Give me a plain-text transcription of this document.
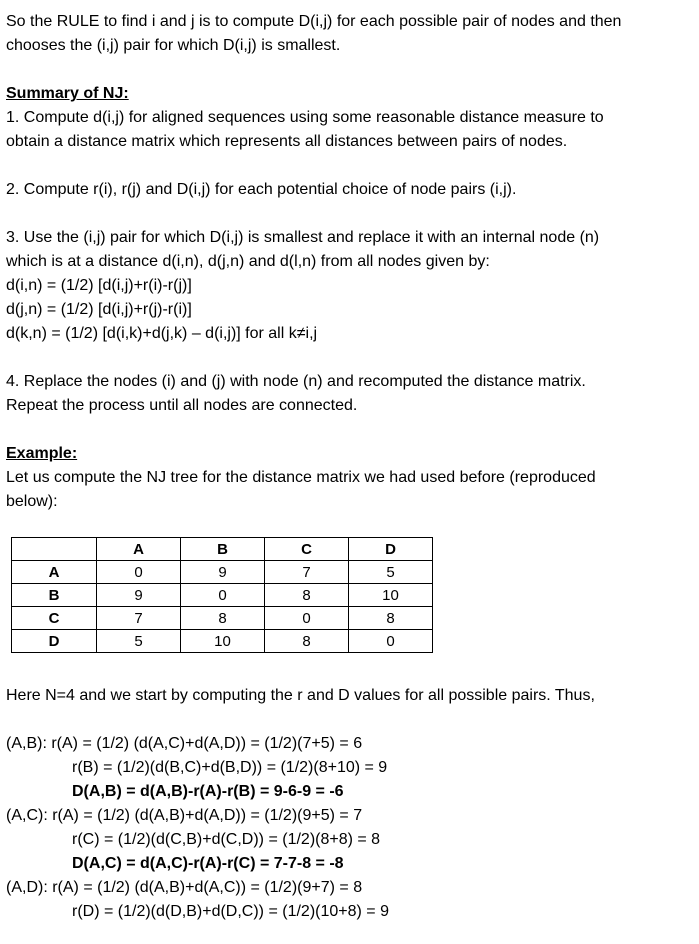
So the RULE to find i and j is to compute D(i,j) for each possible pair of nodes and then
chooses the (i,j) pair for which D(i,j) is smallest.
Summary of NJ:
1. Compute d(i,j) for aligned sequences using some reasonable distance measure to
obtain a distance matrix which represents all distances between pairs of nodes.
2. Compute r(i), r(j) and D(i,j) for each potential choice of node pairs (i,j).
3. Use the (i,j) pair for which D(i,j) is smallest and replace it with an internal node (n)
which is at a distance d(i,n), d(j,n) and d(l,n) from all nodes given by:
d(i,n) = (1/2) [d(i,j)+r(i)-r(j)]
d(j,n) = (1/2) [d(i,j)+r(j)-r(i)]
d(k,n) = (1/2) [d(i,k)+d(j,k) – d(i,j)] for all k≠i,j
4. Replace the nodes (i) and (j) with node (n) and recomputed the distance matrix.
Repeat the process until all nodes are connected.
Example:
Let us compute the NJ tree for the distance matrix we had used before (reproduced
below):
	A	B	C	D
A	0	9	7	5
B	9	0	8	10
C	7	8	0	8
D	5	10	8	0
Here N=4 and we start by computing the r and D values for all possible pairs. Thus,
(A,B): r(A) = (1/2) (d(A,C)+d(A,D)) = (1/2)(7+5) = 6
r(B) = (1/2)(d(B,C)+d(B,D)) = (1/2)(8+10) = 9
D(A,B) = d(A,B)-r(A)-r(B) = 9-6-9 = -6
(A,C): r(A) = (1/2) (d(A,B)+d(A,D)) = (1/2)(9+5) = 7
r(C) = (1/2)(d(C,B)+d(C,D)) = (1/2)(8+8) = 8
D(A,C) = d(A,C)-r(A)-r(C) = 7-7-8 = -8
(A,D): r(A) = (1/2) (d(A,B)+d(A,C)) = (1/2)(9+7) = 8
r(D) = (1/2)(d(D,B)+d(D,C)) = (1/2)(10+8) = 9
